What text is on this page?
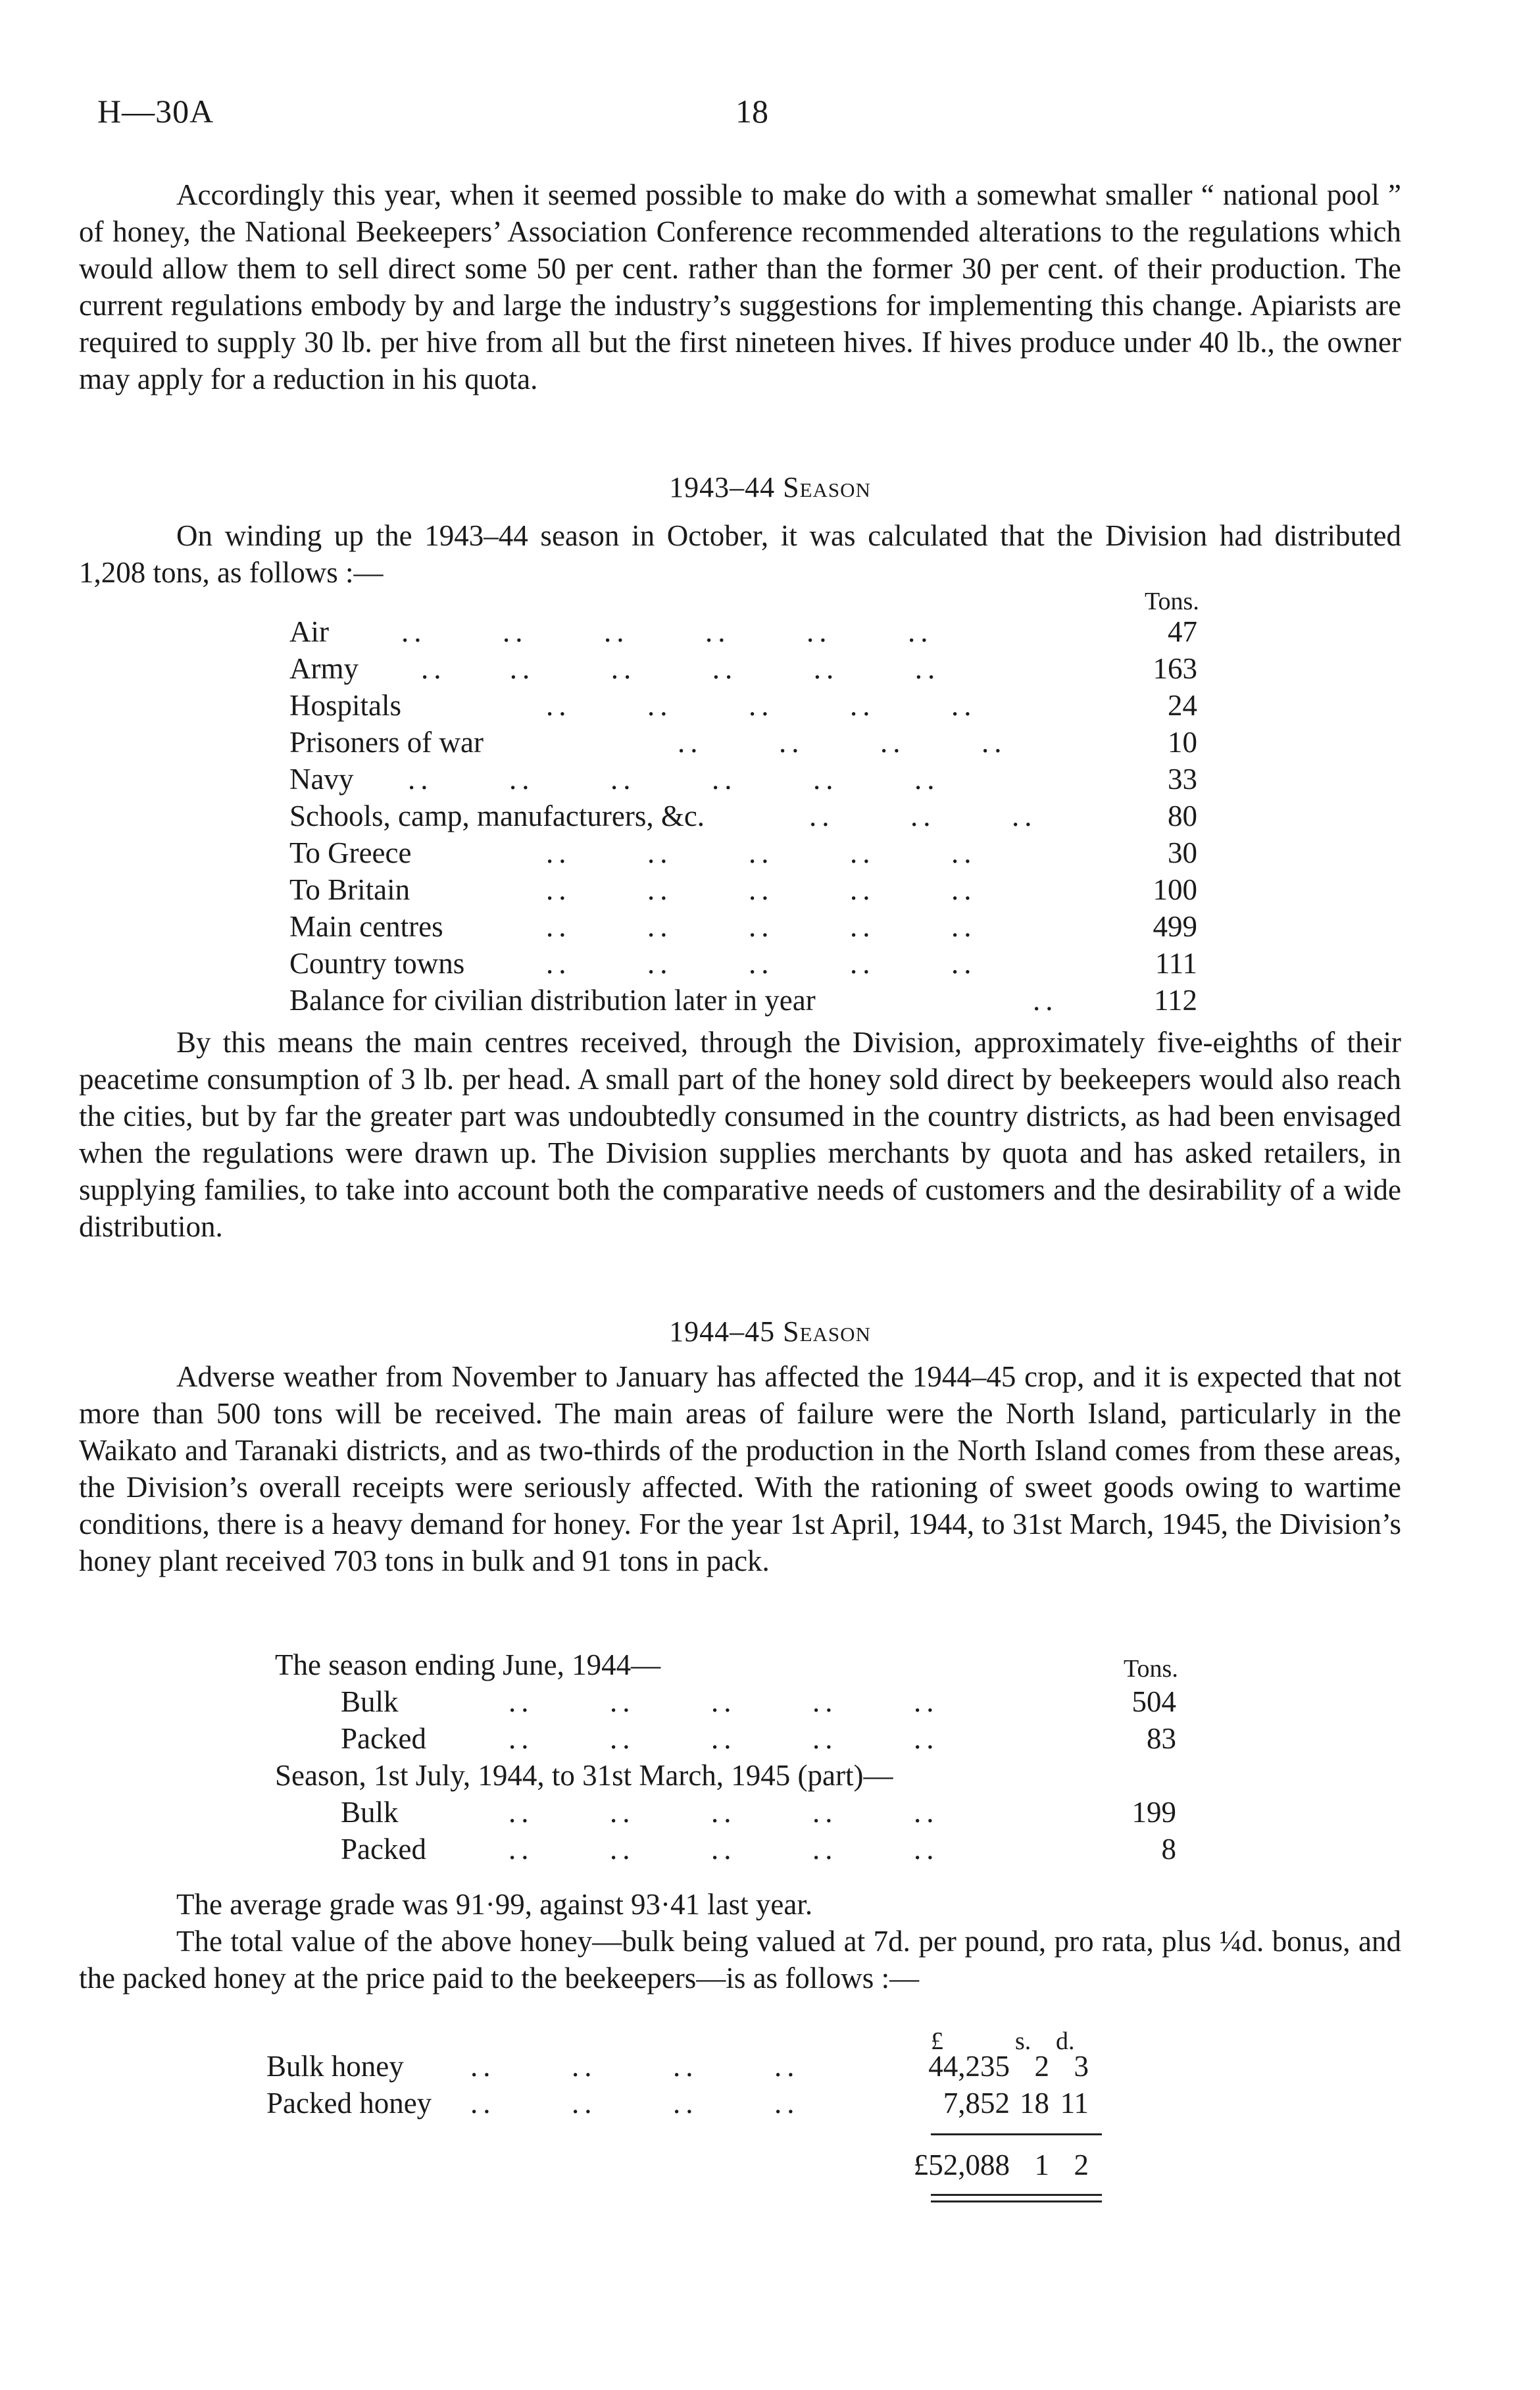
H—30A	18

Accordingly this year, when it seemed possible to make do with a somewhat smaller “ national pool ” of honey, the National Beekeepers’ Association Conference recommended alterations to the regulations which would allow them to sell direct some 50 per cent. rather than the former 30 per cent. of their production. The current regulations embody by and large the industry’s suggestions for implementing this change. Apiarists are required to supply 30 lb. per hive from all but the first nineteen hives. If hives produce under 40 lb., the owner may apply for a reduction in his quota.

1943–44 Season

On winding up the 1943–44 season in October, it was calculated that the Division had distributed 1,208 tons, as follows :—

Tons.
Air ..      ..      ..      ..      ..      ..	47
Army ..     ..      ..      ..      ..      ..	163
Hospitals	..      ..      ..      ..      ..	24
Prisoners of war	..      ..      ..      ..	10
Navy ..      ..      ..      ..      ..      ..	33
Schools, camp, manufacturers, &c.	..      ..      ..	80
To Greece	..      ..      ..      ..      ..	30
To Britain	..      ..      ..      ..      ..	100
Main centres	..      ..      ..      ..      ..	499
Country towns	..      ..      ..      ..      ..	111
Balance for civilian distribution later in year	..	112

By this means the main centres received, through the Division, approximately five-eighths of their peacetime consumption of 3 lb. per head. A small part of the honey sold direct by beekeepers would also reach the cities, but by far the greater part was undoubtedly consumed in the country districts, as had been envisaged when the regulations were drawn up. The Division supplies merchants by quota and has asked retailers, in supplying families, to take into account both the comparative needs of customers and the desirability of a wide distribution.

1944–45 Season

Adverse weather from November to January has affected the 1944–45 crop, and it is expected that not more than 500 tons will be received. The main areas of failure were the North Island, particularly in the Waikato and Taranaki districts, and as two-thirds of the production in the North Island comes from these areas, the Division’s overall receipts were seriously affected. With the rationing of sweet goods owing to wartime conditions, there is a heavy demand for honey. For the year 1st April, 1944, to 31st March, 1945, the Division’s honey plant received 703 tons in bulk and 91 tons in pack.

The season ending June, 1944—	Tons.
Bulk	..      ..      ..      ..      ..	504
Packed	..      ..      ..      ..      ..	83
Season, 1st July, 1944, to 31st March, 1945 (part)—
Bulk	..      ..      ..      ..      ..	199
Packed	..      ..      ..      ..      ..	8

The average grade was 91·99, against 93·41 last year.

The total value of the above honey—bulk being valued at 7d. per pound, pro rata, plus ¼d. bonus, and the packed honey at the price paid to the beekeepers—is as follows :—

£	s. d.
Bulk honey ..      ..      ..      ..	44,235 2 3
Packed honey ..      ..      ..      ..	7,852 18 11
£52,088 1 2
